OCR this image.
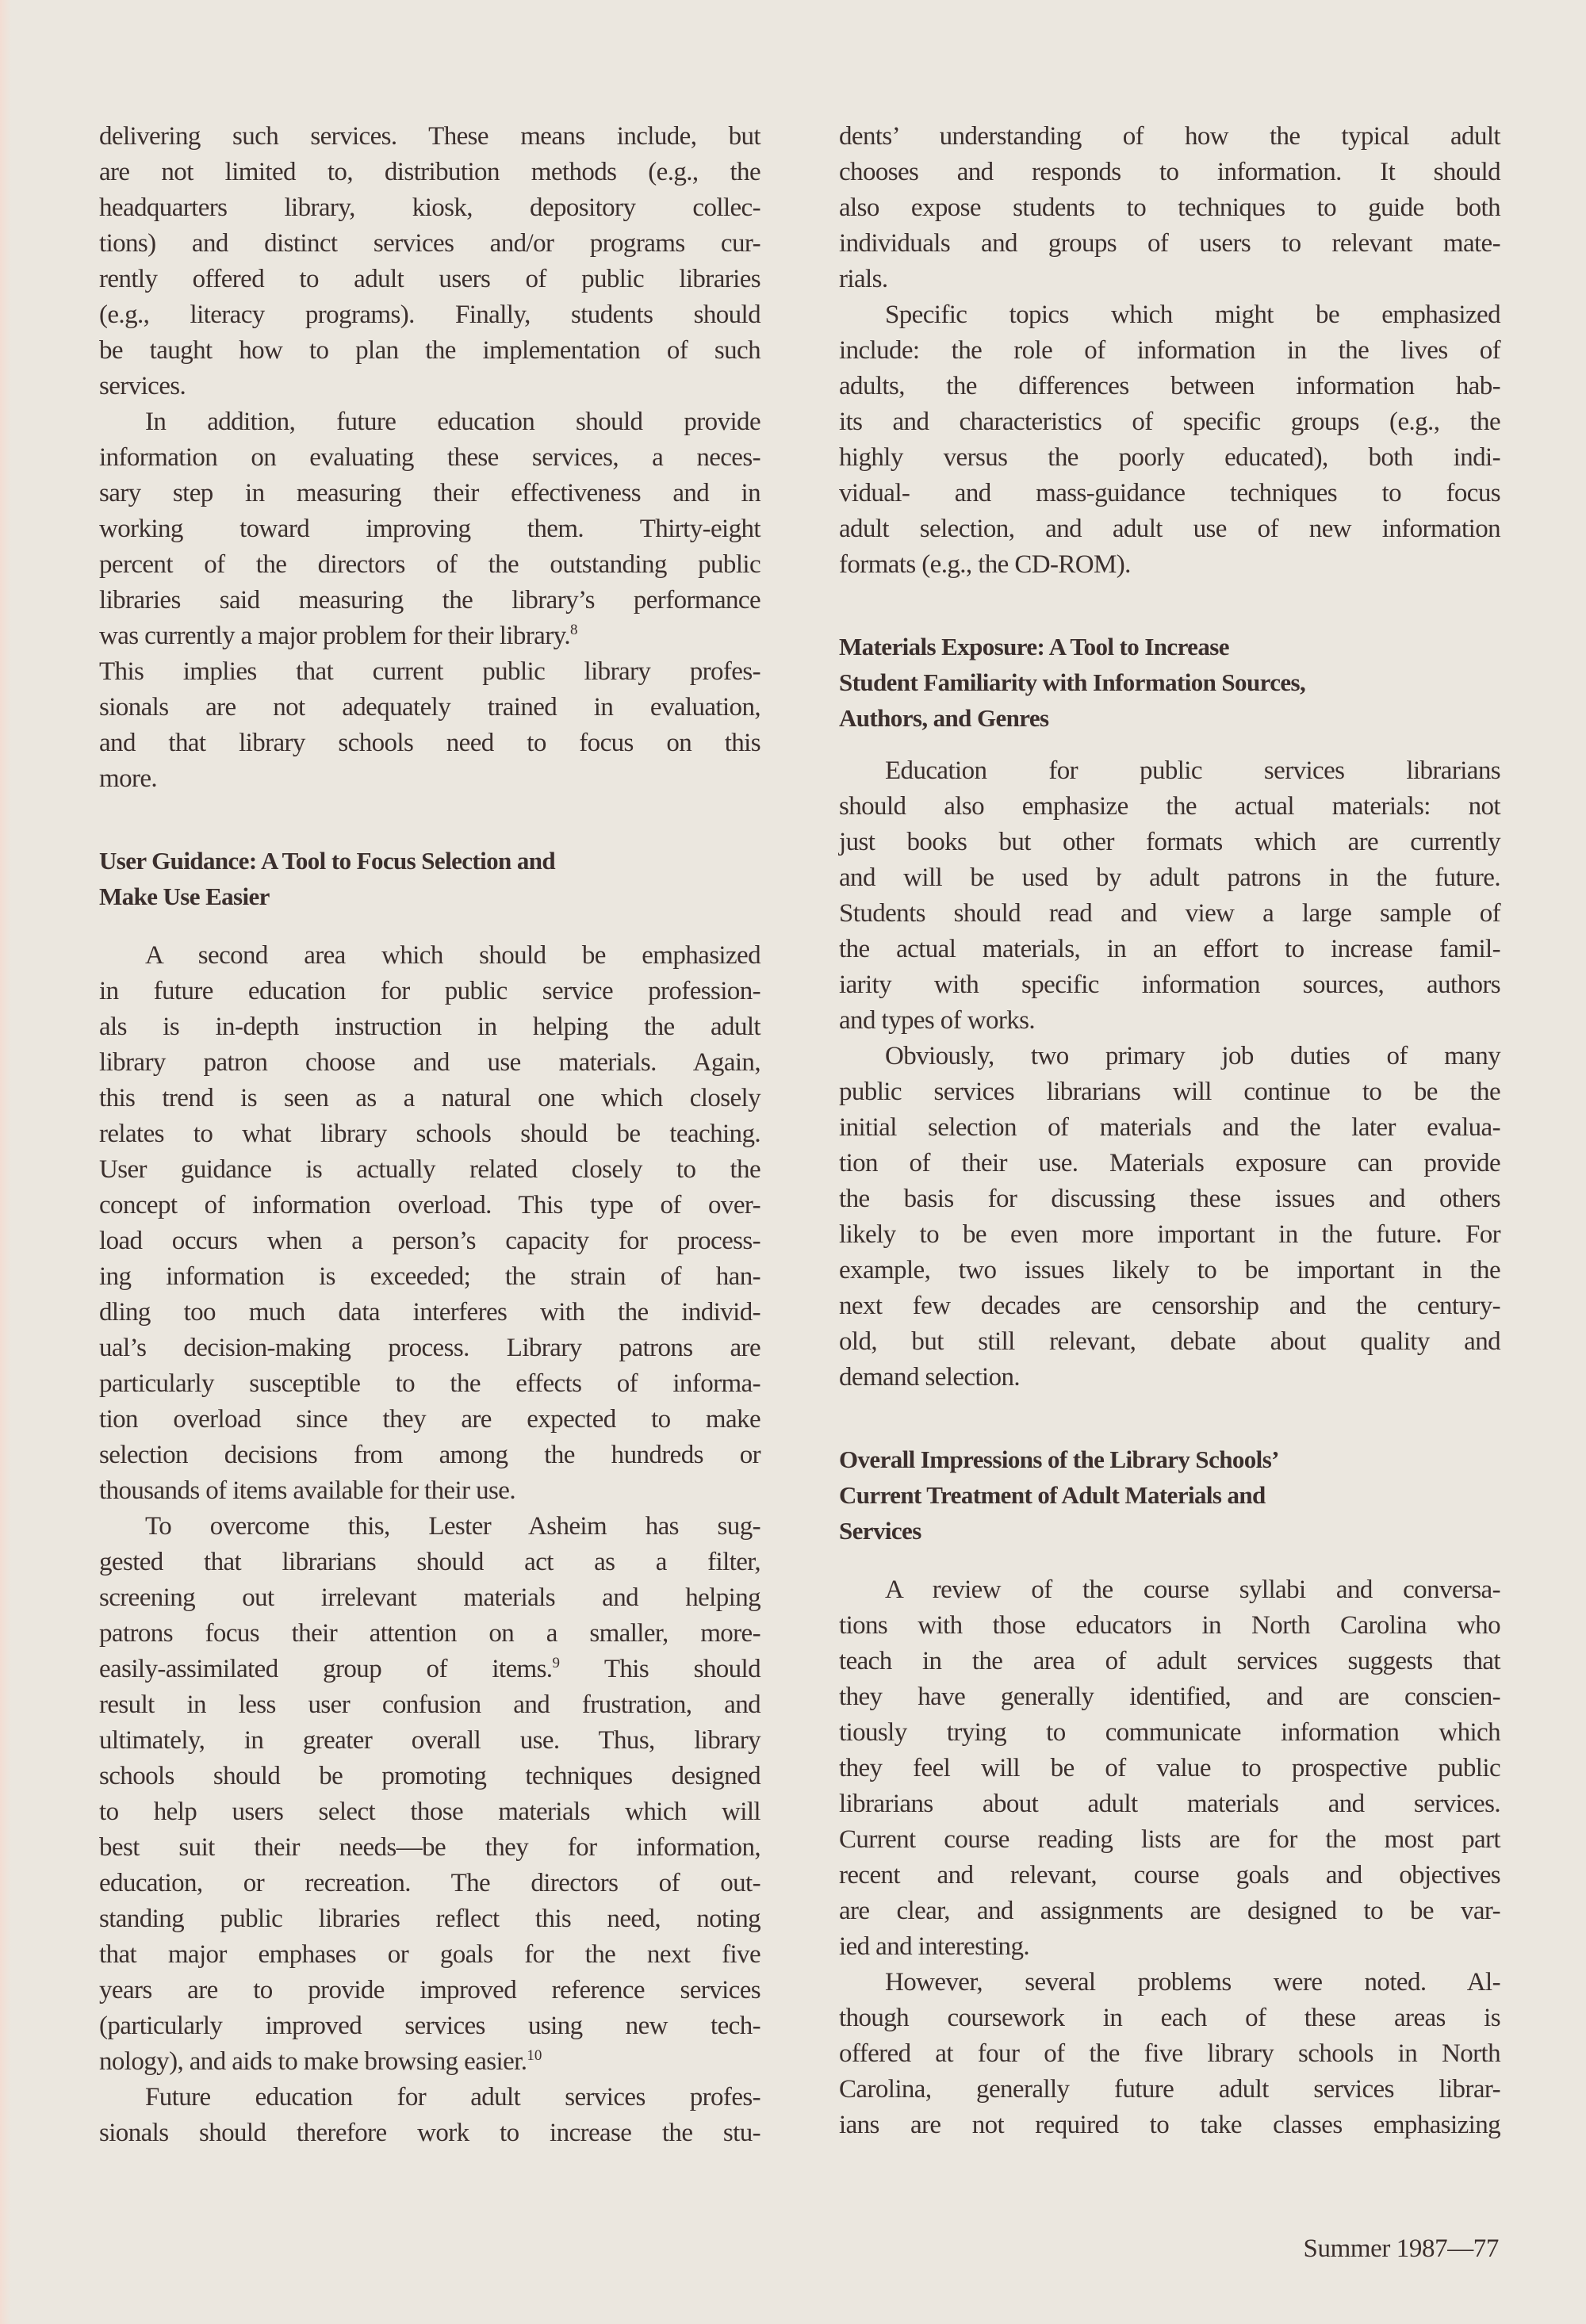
delivering such services. These means include, but
are not limited to, distribution methods (e.g., the
headquarters library, kiosk, depository collec-
tions) and distinct services and/or programs cur-
rently offered to adult users of public libraries
(e.g., literacy programs). Finally, students should
be taught how to plan the implementation of such
services.
In addition, future education should provide
information on evaluating these services, a neces-
sary step in measuring their effectiveness and in
working toward improving them. Thirty-eight
percent of the directors of the outstanding public
libraries said measuring the library’s performance
was currently a major problem for their library.$^8$
This implies that current public library profes-
sionals are not adequately trained in evaluation,
and that library schools need to focus on this
more.
User Guidance: A Tool to Focus Selection and
Make Use Easier
A second area which should be emphasized
in future education for public service profession-
als is in-depth instruction in helping the adult
library patron choose and use materials. Again,
this trend is seen as a natural one which closely
relates to what library schools should be teaching.
User guidance is actually related closely to the
concept of information overload. This type of over-
load occurs when a person’s capacity for process-
ing information is exceeded; the strain of han-
dling too much data interferes with the individ-
ual’s decision-making process. Library patrons are
particularly susceptible to the effects of informa-
tion overload since they are expected to make
selection decisions from among the hundreds or
thousands of items available for their use.
To overcome this, Lester Asheim has sug-
gested that librarians should act as a filter,
screening out irrelevant materials and helping
patrons focus their attention on a smaller, more-
easily-assimilated group of items.$^9$ This should
result in less user confusion and frustration, and
ultimately, in greater overall use. Thus, library
schools should be promoting techniques designed
to help users select those materials which will
best suit their needs—be they for information,
education, or recreation. The directors of out-
standing public libraries reflect this need, noting
that major emphases or goals for the next five
years are to provide improved reference services
(particularly improved services using new tech-
nology), and aids to make browsing easier.$^{10}$
Future education for adult services profes-
sionals should therefore work to increase the stu-
dents’ understanding of how the typical adult
chooses and responds to information. It should
also expose students to techniques to guide both
individuals and groups of users to relevant mate-
rials.
Specific topics which might be emphasized
include: the role of information in the lives of
adults, the differences between information hab-
its and characteristics of specific groups (e.g., the
highly versus the poorly educated), both indi-
vidual- and mass-guidance techniques to focus
adult selection, and adult use of new information
formats (e.g., the CD-ROM).
Materials Exposure: A Tool to Increase
Student Familiarity with Information Sources,
Authors, and Genres
Education for public services librarians
should also emphasize the actual materials: not
just books but other formats which are currently
and will be used by adult patrons in the future.
Students should read and view a large sample of
the actual materials, in an effort to increase famil-
iarity with specific information sources, authors
and types of works.
Obviously, two primary job duties of many
public services librarians will continue to be the
initial selection of materials and the later evalua-
tion of their use. Materials exposure can provide
the basis for discussing these issues and others
likely to be even more important in the future. For
example, two issues likely to be important in the
next few decades are censorship and the century-
old, but still relevant, debate about quality and
demand selection.
Overall Impressions of the Library Schools’
Current Treatment of Adult Materials and
Services
A review of the course syllabi and conversa-
tions with those educators in North Carolina who
teach in the area of adult services suggests that
they have generally identified, and are conscien-
tiously trying to communicate information which
they feel will be of value to prospective public
librarians about adult materials and services.
Current course reading lists are for the most part
recent and relevant, course goals and objectives
are clear, and assignments are designed to be var-
ied and interesting.
However, several problems were noted. Al-
though coursework in each of these areas is
offered at four of the five library schools in North
Carolina, generally future adult services librar-
ians are not required to take classes emphasizing
Summer 1987—77
